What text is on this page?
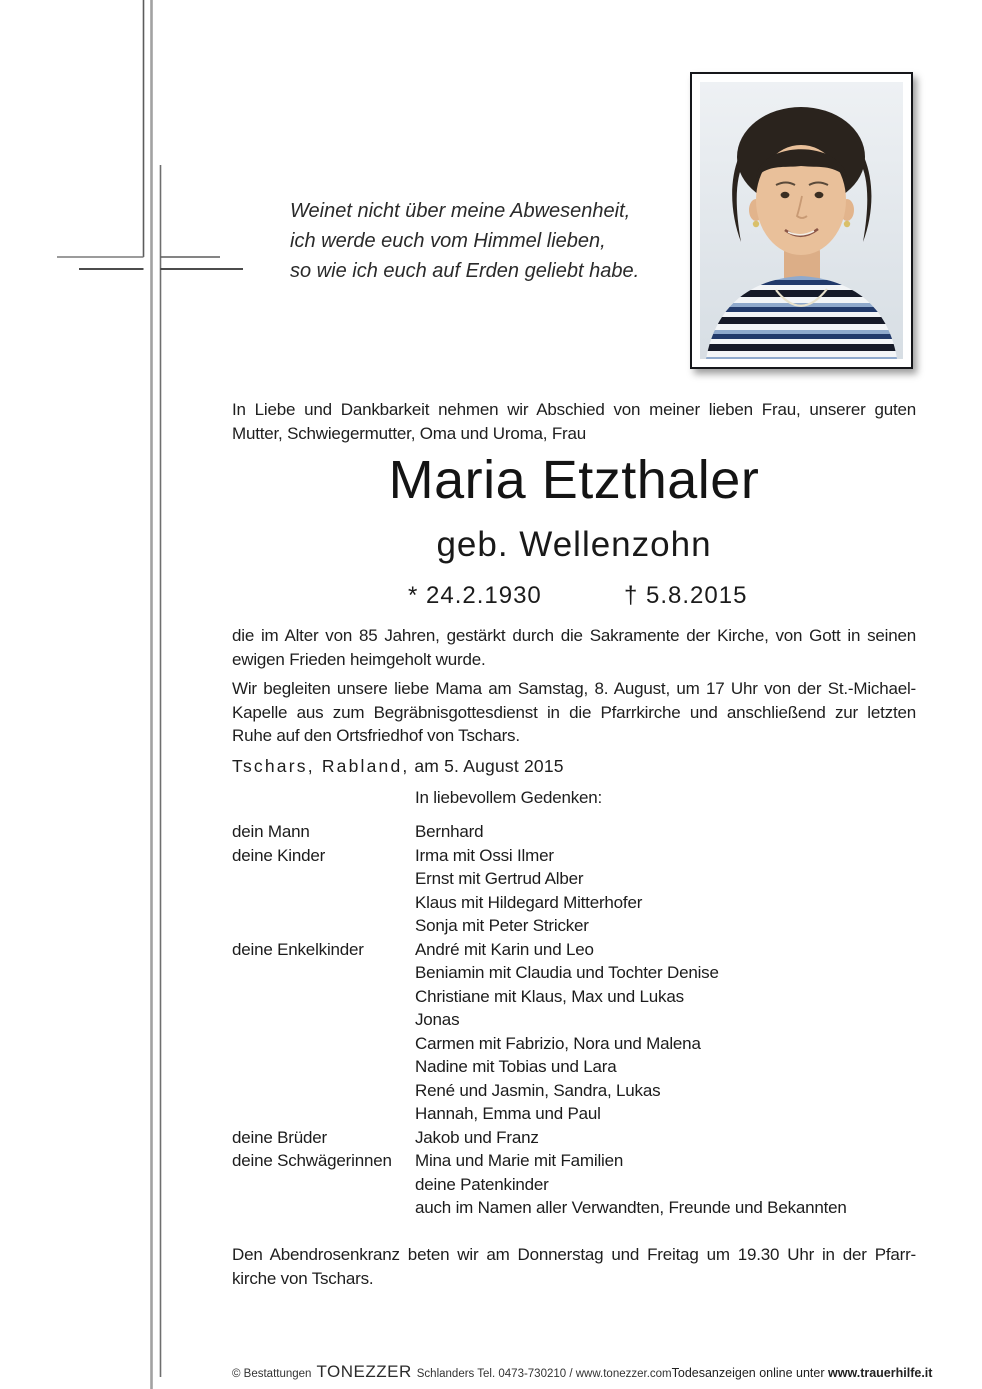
Weinet nicht über meine Abwesenheit,
ich werde euch vom Himmel lieben,
so wie ich euch auf Erden geliebt habe.
In Liebe und Dankbarkeit nehmen wir Abschied von meiner lieben Frau, unserer guten
Mutter, Schwiegermutter, Oma und Uroma, Frau
Maria Etzthaler
geb. Wellenzohn
* 24.2.1930	† 5.8.2015
die im Alter von 85 Jahren, gestärkt durch die Sakramente der Kirche, von Gott in seinen
ewigen Frieden heimgeholt wurde.
Wir begleiten unsere liebe Mama am Samstag, 8. August, um 17 Uhr von der St.-Michael-
Kapelle aus zum Begräbnisgottesdienst in die Pfarrkirche und anschließend zur letzten
Ruhe auf den Ortsfriedhof von Tschars.
Tschars, Rabland, am 5. August 2015
In liebevollem Gedenken:
dein Mann	Bernhard
deine Kinder	Irma mit Ossi Ilmer
Ernst mit Gertrud Alber
Klaus mit Hildegard Mitterhofer
Sonja mit Peter Stricker
deine Enkelkinder	André mit Karin und Leo
Beniamin mit Claudia und Tochter Denise
Christiane mit Klaus, Max und Lukas
Jonas
Carmen mit Fabrizio, Nora und Malena
Nadine mit Tobias und Lara
René und Jasmin, Sandra, Lukas
Hannah, Emma und Paul
deine Brüder	Jakob und Franz
deine Schwägerinnen	Mina und Marie mit Familien
deine Patenkinder
auch im Namen aller Verwandten, Freunde und Bekannten
Den Abendrosenkranz beten wir am Donnerstag und Freitag um 19.30 Uhr in der Pfarr-
kirche von Tschars.
© Bestattungen TONEZZER Schlanders Tel. 0473-730210 / www.tonezzer.com Todesanzeigen online unter www.trauerhilfe.it
